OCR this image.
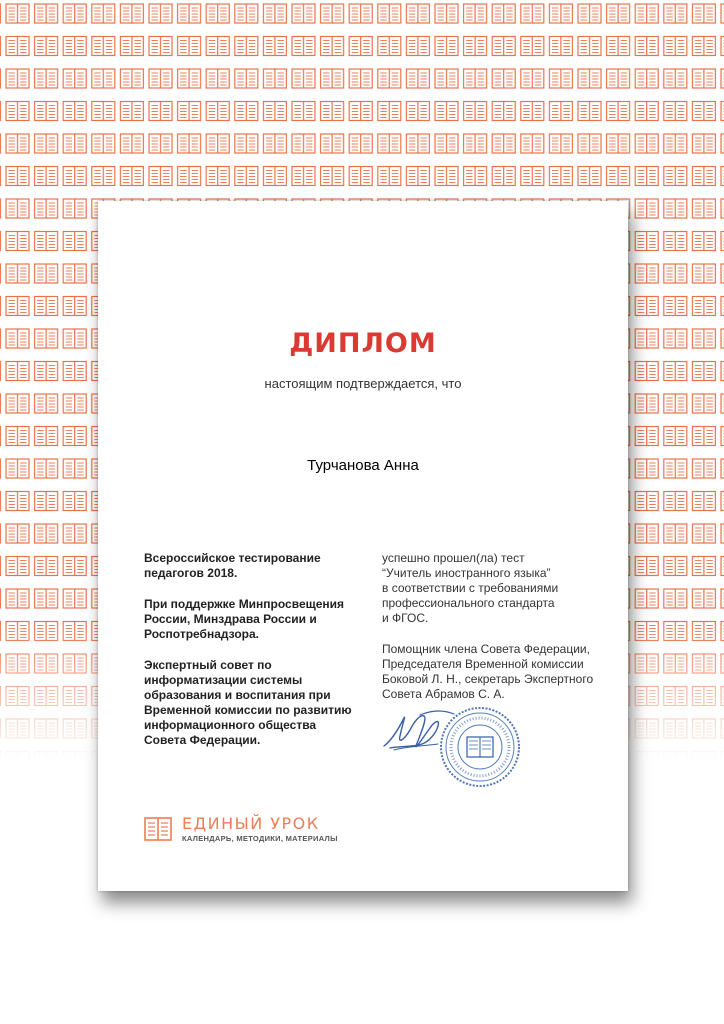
ДИПЛОМ
настоящим подтверждается, что
Турчанова Анна

Всероссийское тестирование
педагогов 2018.

При поддержке Минпросвещения
России, Минздрава России и
Роспотребнадзора.

Экспертный совет по
информатизации системы
образования и воспитания при
Временной комиссии по развитию
информационного общества
Совета Федерации.

успешно прошел(ла) тест
“Учитель иностранного языка”
в соответствии с требованиями
профессионального стандарта
и ФГОС.

Помощник члена Совета Федерации,
Председателя Временной комиссии
Боковой Л. Н., секретарь Экспертного
Совета Абрамов С. А.

ЕДИНЫЙ УРОК
КАЛЕНДАРЬ, МЕТОДИКИ, МАТЕРИАЛЫ
